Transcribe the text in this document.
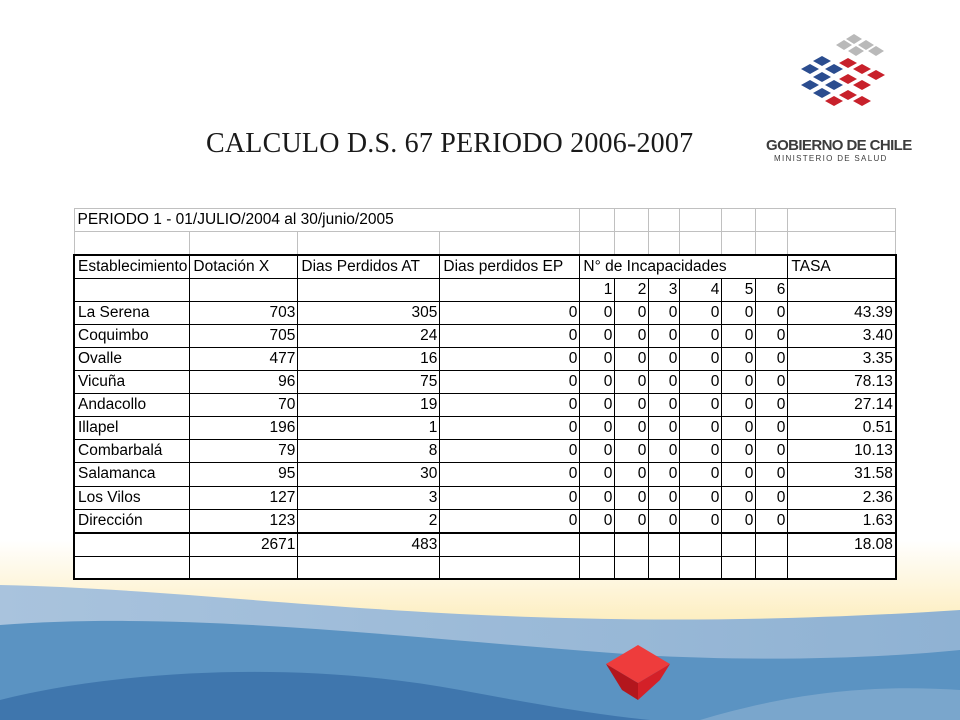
CALCULO D.S. 67 PERIODO 2006-2007	GOBIERNO DE CHILE
MINISTERIO DE SALUD
PERIODO 1 - 01/JULIO/2004 al 30/junio/2005										

Establecimiento	Dotación X	Dias Perdidos AT	Dias perdidos EP	N° de Incapacidades						TASA
				1	2	3	4	5	6	
La Serena	703	305	0	0	0	0	0	0	0	43.39
Coquimbo	705	24	0	0	0	0	0	0	0	3.40
Ovalle	477	16	0	0	0	0	0	0	0	3.35
Vicuña	96	75	0	0	0	0	0	0	0	78.13
Andacollo	70	19	0	0	0	0	0	0	0	27.14
Illapel	196	1	0	0	0	0	0	0	0	0.51
Combarbalá	79	8	0	0	0	0	0	0	0	10.13
Salamanca	95	30	0	0	0	0	0	0	0	31.58
Los Vilos	127	3	0	0	0	0	0	0	0	2.36
Dirección	123	2	0	0	0	0	0	0	0	1.63
	2671	483								18.08
